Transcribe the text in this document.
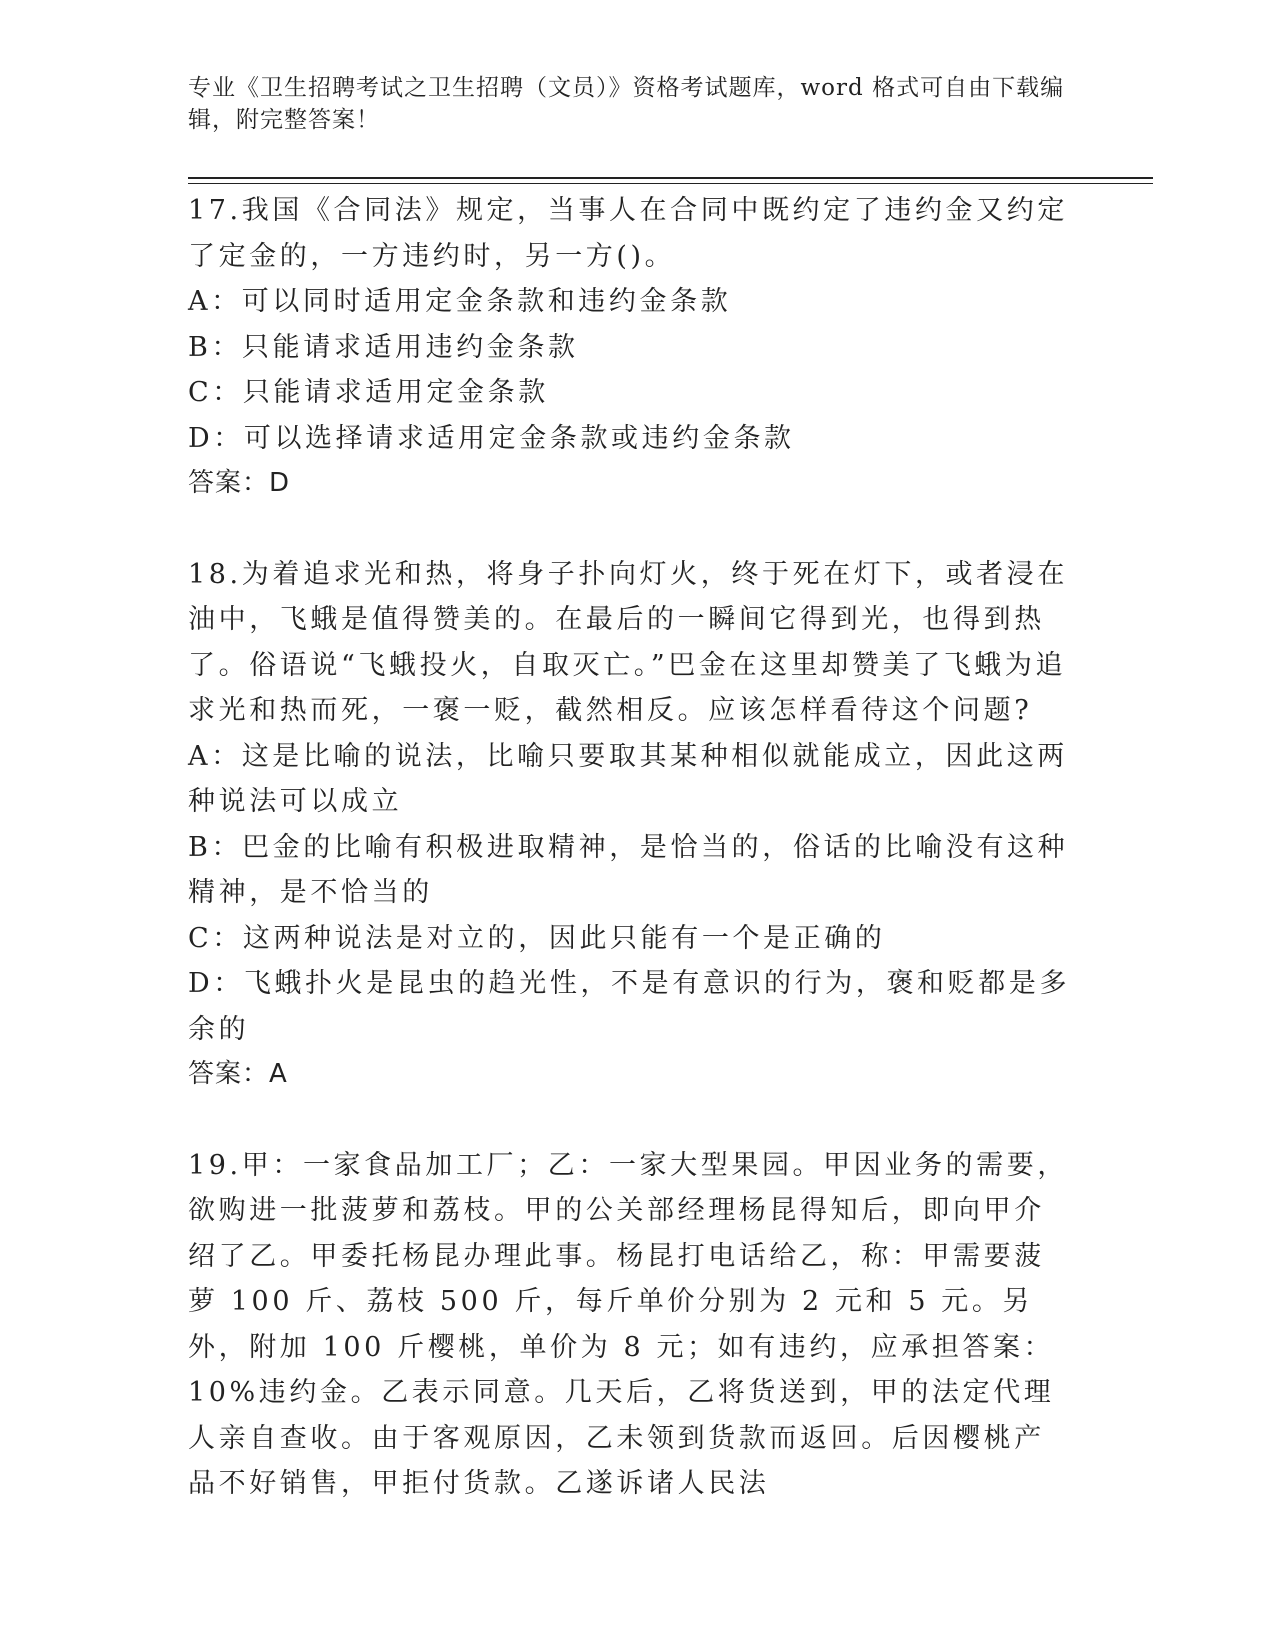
专业《卫生招聘考试之卫生招聘（文员）》资格考试题库，word 格式可自由下载编辑，附完整答案！

17.我国《合同法》规定，当事人在合同中既约定了违约金又约定了定金的，一方违约时，另一方()。

A：可以同时适用定金条款和违约金条款

B：只能请求适用违约金条款

C：只能请求适用定金条款

D：可以选择请求适用定金条款或违约金条款

答案：D

18.为着追求光和热，将身子扑向灯火，终于死在灯下，或者浸在油中，飞蛾是值得赞美的。在最后的一瞬间它得到光，也得到热了。俗语说“飞蛾投火，自取灭亡。”巴金在这里却赞美了飞蛾为追求光和热而死，一褒一贬，截然相反。应该怎样看待这个问题?

A：这是比喻的说法，比喻只要取其某种相似就能成立，因此这两种说法可以成立

B：巴金的比喻有积极进取精神，是恰当的，俗话的比喻没有这种精神，是不恰当的

C：这两种说法是对立的，因此只能有一个是正确的

D：飞蛾扑火是昆虫的趋光性，不是有意识的行为，褒和贬都是多余的

答案：A

19.甲：一家食品加工厂；乙：一家大型果园。甲因业务的需要，欲购进一批菠萝和荔枝。甲的公关部经理杨昆得知后，即向甲介绍了乙。甲委托杨昆办理此事。杨昆打电话给乙，称：甲需要菠萝 100 斤、荔枝 500 斤，每斤单价分别为 2 元和 5 元。另外，附加 100 斤樱桃，单价为 8 元；如有违约，应承担答案：10%违约金。乙表示同意。几天后，乙将货送到，甲的法定代理人亲自查收。由于客观原因，乙未领到货款而返回。后因樱桃产品不好销售，甲拒付货款。乙遂诉诸人民法
